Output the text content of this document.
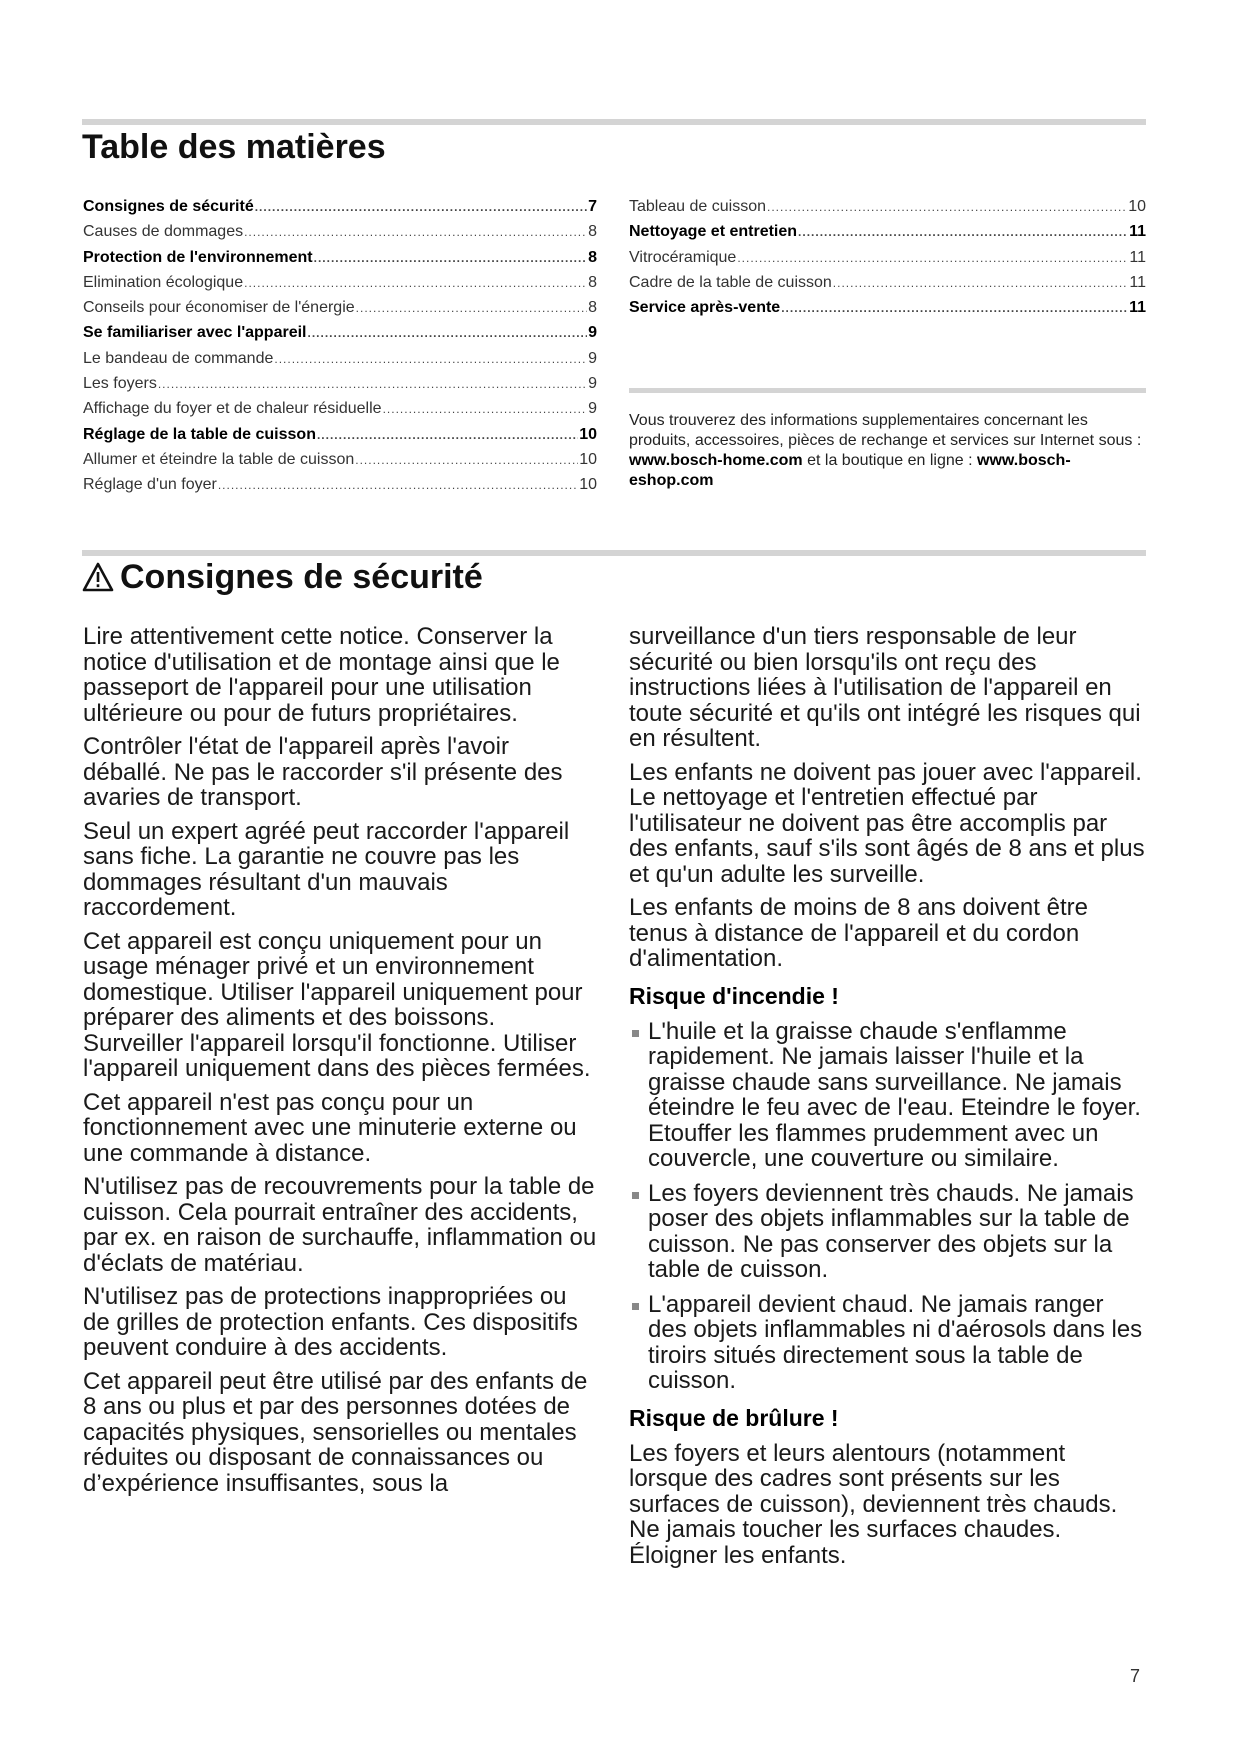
Table des matières
Consignes de sécurité .....	7
Causes de dommages .....	8
Protection de l'environnement .....	8
Elimination écologique .....	8
Conseils pour économiser de l'énergie .....	8
Se familiariser avec l'appareil .....	9
Le bandeau de commande .....	9
Les foyers .....	9
Affichage du foyer et de chaleur résiduelle .....	9
Réglage de la table de cuisson .....	10
Allumer et éteindre la table de cuisson .....	10
Réglage d'un foyer .....	10
Tableau de cuisson .....	10
Nettoyage et entretien .....	11
Vitrocéramique .....	11
Cadre de la table de cuisson .....	11
Service après-vente .....	11

Vous trouverez des informations supplementaires concernant les produits, accessoires, pièces de rechange et services sur Internet sous : www.bosch-home.com et la boutique en ligne : www.bosch-eshop.com

Consignes de sécurité

Lire attentivement cette notice. Conserver la notice d'utilisation et de montage ainsi que le passeport de l'appareil pour une utilisation ultérieure ou pour de futurs propriétaires.

Contrôler l'état de l'appareil après l'avoir déballé. Ne pas le raccorder s'il présente des avaries de transport.

Seul un expert agréé peut raccorder l'appareil sans fiche. La garantie ne couvre pas les dommages résultant d'un mauvais raccordement.

Cet appareil est conçu uniquement pour un usage ménager privé et un environnement domestique. Utiliser l'appareil uniquement pour préparer des aliments et des boissons. Surveiller l'appareil lorsqu'il fonctionne. Utiliser l'appareil uniquement dans des pièces fermées.

Cet appareil n'est pas conçu pour un fonctionnement avec une minuterie externe ou une commande à distance.

N'utilisez pas de recouvrements pour la table de cuisson. Cela pourrait entraîner des accidents, par ex. en raison de surchauffe, inflammation ou d'éclats de matériau.

N'utilisez pas de protections inappropriées ou de grilles de protection enfants. Ces dispositifs peuvent conduire à des accidents.

Cet appareil peut être utilisé par des enfants de 8 ans ou plus et par des personnes dotées de capacités physiques, sensorielles ou mentales réduites ou disposant de connaissances ou d’expérience insuffisantes, sous la

surveillance d'un tiers responsable de leur sécurité ou bien lorsqu'ils ont reçu des instructions liées à l'utilisation de l'appareil en toute sécurité et qu'ils ont intégré les risques qui en résultent.

Les enfants ne doivent pas jouer avec l'appareil. Le nettoyage et l'entretien effectué par l'utilisateur ne doivent pas être accomplis par des enfants, sauf s'ils sont âgés de 8 ans et plus et qu'un adulte les surveille.

Les enfants de moins de 8 ans doivent être tenus à distance de l'appareil et du cordon d'alimentation.

Risque d'incendie !
L'huile et la graisse chaude s'enflamme rapidement. Ne jamais laisser l'huile et la graisse chaude sans surveillance. Ne jamais éteindre le feu avec de l'eau. Eteindre le foyer. Etouffer les flammes prudemment avec un couvercle, une couverture ou similaire.
Les foyers deviennent très chauds. Ne jamais poser des objets inflammables sur la table de cuisson. Ne pas conserver des objets sur la table de cuisson.
L'appareil devient chaud. Ne jamais ranger des objets inflammables ni d'aérosols dans les tiroirs situés directement sous la table de cuisson.
Risque de brûlure !

Les foyers et leurs alentours (notamment lorsque des cadres sont présents sur les surfaces de cuisson), deviennent très chauds. Ne jamais toucher les surfaces chaudes. Éloigner les enfants.

7
